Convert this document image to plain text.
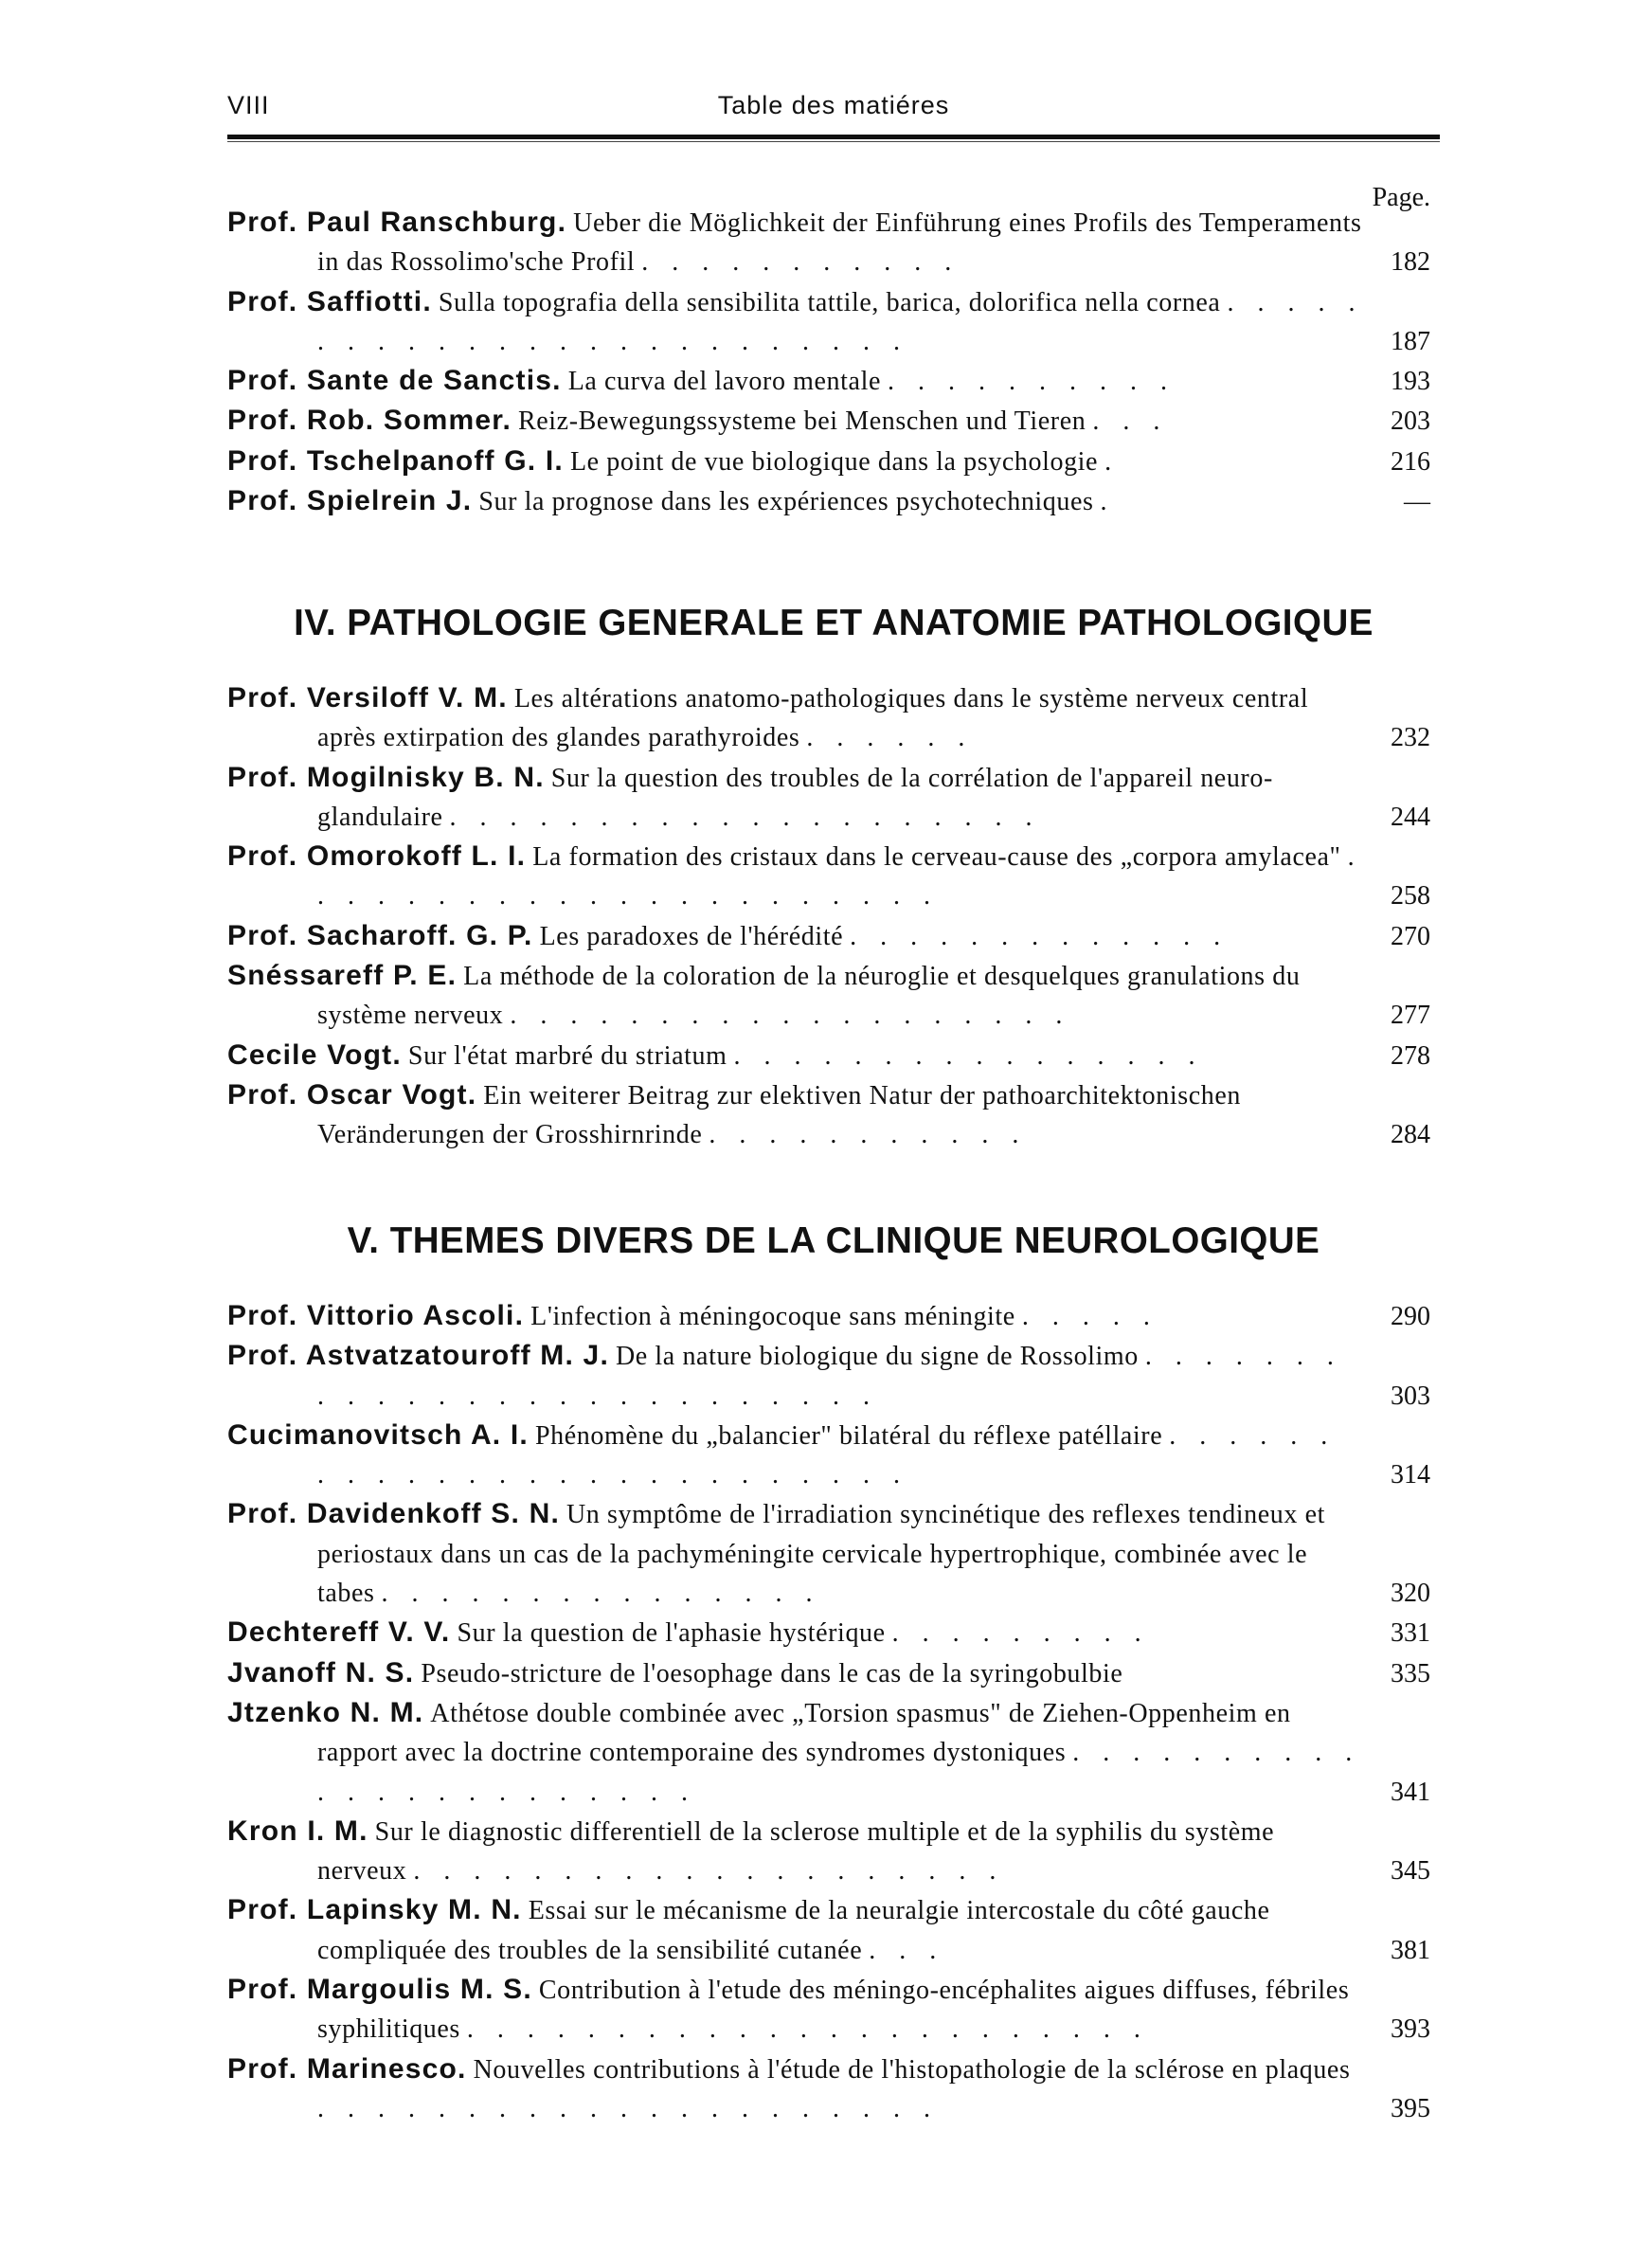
VIII	Table des matiéres
Page.
Prof. Paul Ranschburg. Ueber die Möglichkeit der Einführung eines Profils des Temperaments in das Rossolimo'sche Profil . . . . . . . . . . .	182
Prof. Saffiotti. Sulla topografia della sensibilita tattile, barica, dolorifica nella cornea . . . . . . . . . . . . . . . . . . . . . . . . .	187
Prof. Sante de Sanctis. La curva del lavoro mentale . . . . . . . . . .	193
Prof. Rob. Sommer. Reiz-Bewegungssysteme bei Menschen und Tieren . . .	203
Prof. Tschelpanoff G. I. Le point de vue biologique dans la psychologie .	216
Prof. Spielrein J. Sur la prognose dans les expériences psychotechniques .	—
IV. PATHOLOGIE GENERALE ET ANATOMIE PATHOLOGIQUE
Prof. Versiloff V. M. Les altérations anatomo-pathologiques dans le système nerveux central après extirpation des glandes parathyroides . . . . . .	232
Prof. Mogilnisky B. N. Sur la question des troubles de la corrélation de l'appareil neuro-glandulaire . . . . . . . . . . . . . . . . . . . .	244
Prof. Omorokoff L. I. La formation des cristaux dans le cerveau-cause des „corpora amylacea" . . . . . . . . . . . . . . . . . . . . . .	258
Prof. Sacharoff. G. P. Les paradoxes de l'hérédité . . . . . . . . . . . . .	270
Snéssareff P. E. La méthode de la coloration de la néuroglie et desquelques granulations du système nerveux . . . . . . . . . . . . . . . . . . .	277
Cecile Vogt. Sur l'état marbré du striatum . . . . . . . . . . . . . . . .	278
Prof. Oscar Vogt. Ein weiterer Beitrag zur elektiven Natur der pathoarchitektonischen Veränderungen der Grosshirnrinde . . . . . . . . . . .	284
V. THEMES DIVERS DE LA CLINIQUE NEUROLOGIQUE
Prof. Vittorio Ascoli. L'infection à méningocoque sans méningite . . . . .	290
Prof. Astvatzatouroff M. J. De la nature biologique du signe de Rossolimo . . . . . . . . . . . . . . . . . . . . . . . . . .	303
Cucimanovitsch A. I. Phénomène du „balancier" bilatéral du réflexe patéllaire . . . . . . . . . . . . . . . . . . . . . . . . . .	314
Prof. Davidenkoff S. N. Un symptôme de l'irradiation syncinétique des reflexes tendineux et periostaux dans un cas de la pachyméningite cervicale hypertrophique, combinée avec le tabes . . . . . . . . . . . . . . .	320
Dechtereff V. V. Sur la question de l'aphasie hystérique . . . . . . . . .	331
Jvanoff N. S. Pseudo-stricture de l'oesophage dans le cas de la syringobulbie	335
Jtzenko N. M. Athétose double combinée avec „Torsion spasmus" de Ziehen-Oppenheim en rapport avec la doctrine contemporaine des syndromes dystoniques . . . . . . . . . . . . . . . . . . . . . . .	341
Kron I. M. Sur le diagnostic differentiell de la sclerose multiple et de la syphilis du système nerveux . . . . . . . . . . . . . . . . . . . .	345
Prof. Lapinsky M. N. Essai sur le mécanisme de la neuralgie intercostale du côté gauche compliquée des troubles de la sensibilité cutanée . . .	381
Prof. Margoulis M. S. Contribution à l'etude des méningo-encéphalites aigues diffuses, fébriles syphilitiques . . . . . . . . . . . . . . . . . . . . . . .	393
Prof. Marinesco. Nouvelles contributions à l'étude de l'histopathologie de la sclérose en plaques . . . . . . . . . . . . . . . . . . . . .	395
